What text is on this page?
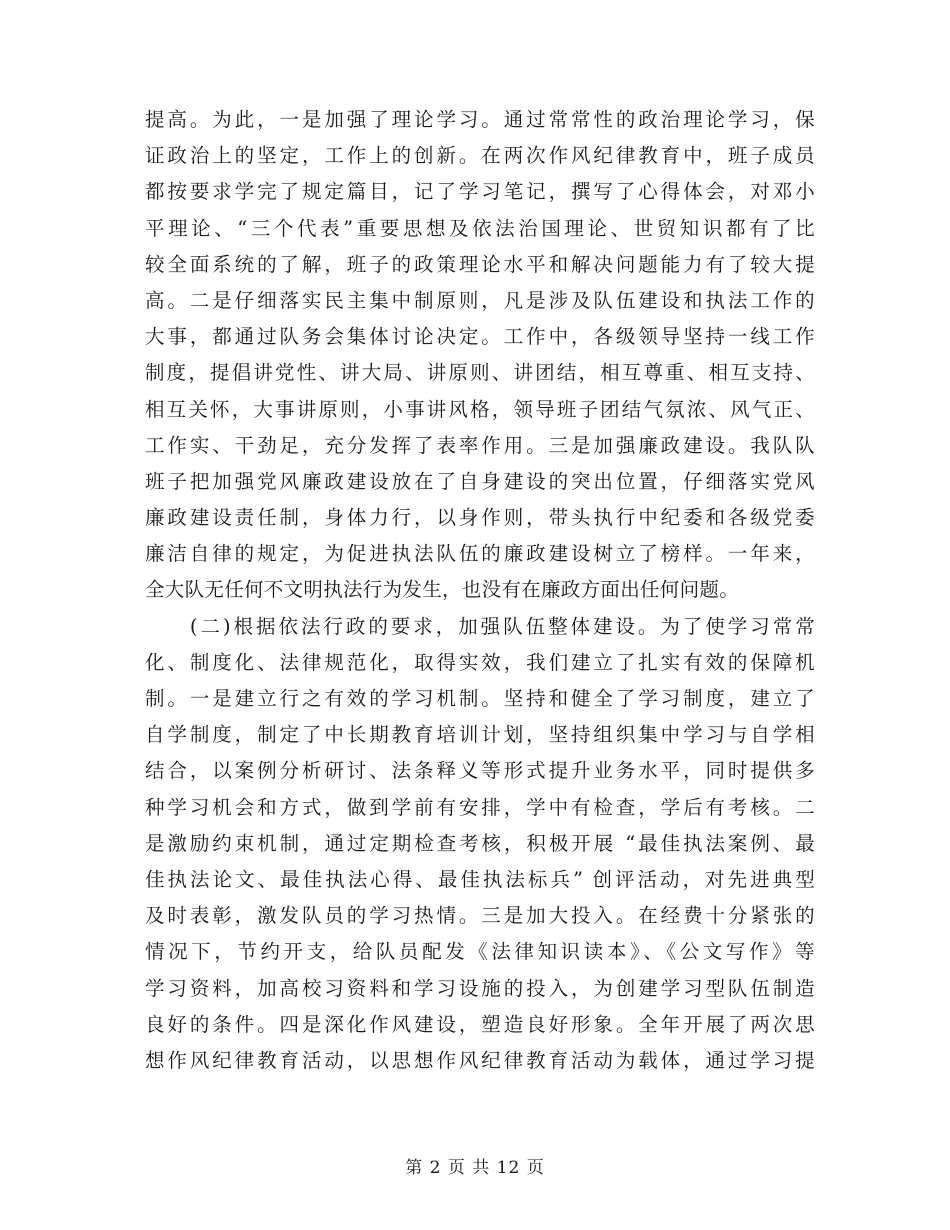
提高。为此，一是加强了理论学习。通过常常性的政治理论学习，保
证政治上的坚定，工作上的创新。在两次作风纪律教育中，班子成员
都按要求学完了规定篇目，记了学习笔记，撰写了心得体会，对邓小
平理论、“三个代表”重要思想及依法治国理论、世贸知识都有了比
较全面系统的了解，班子的政策理论水平和解决问题能力有了较大提
高。二是仔细落实民主集中制原则，凡是涉及队伍建设和执法工作的
大事，都通过队务会集体讨论决定。工作中，各级领导坚持一线工作
制度，提倡讲党性、讲大局、讲原则、讲团结，相互尊重、相互支持、
相互关怀，大事讲原则，小事讲风格，领导班子团结气氛浓、风气正、
工作实、干劲足，充分发挥了表率作用。三是加强廉政建设。我队队
班子把加强党风廉政建设放在了自身建设的突出位置，仔细落实党风
廉政建设责任制，身体力行，以身作则，带头执行中纪委和各级党委
廉洁自律的规定，为促进执法队伍的廉政建设树立了榜样。一年来，
全大队无任何不文明执法行为发生，也没有在廉政方面出任何问题。
　　(二)根据依法行政的要求，加强队伍整体建设。为了使学习常常
化、制度化、法律规范化，取得实效，我们建立了扎实有效的保障机
制。一是建立行之有效的学习机制。坚持和健全了学习制度，建立了
自学制度，制定了中长期教育培训计划，坚持组织集中学习与自学相
结合，以案例分析研讨、法条释义等形式提升业务水平，同时提供多
种学习机会和方式，做到学前有安排，学中有检查，学后有考核。二
是激励约束机制，通过定期检查考核，积极开展 “最佳执法案例、最
佳执法论文、最佳执法心得、最佳执法标兵” 创评活动，对先进典型
及时表彰，激发队员的学习热情。三是加大投入。在经费十分紧张的
情况下，节约开支，给队员配发《法律知识读本》、《公文写作》等
学习资料，加高校习资料和学习设施的投入，为创建学习型队伍制造
良好的条件。四是深化作风建设，塑造良好形象。全年开展了两次思
想作风纪律教育活动，以思想作风纪律教育活动为载体，通过学习提
第 2 页 共 12 页
